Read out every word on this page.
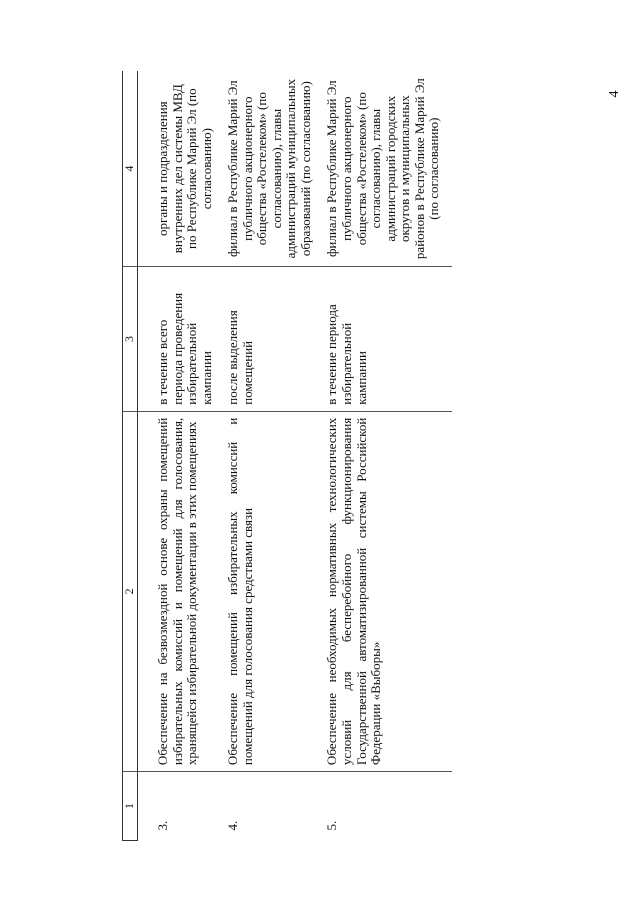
4
1	2	3	4

3.	Обеспечение на безвозмездной основе охраны помещений избирательных комиссий и помещений для голосования, хранящейся избирательной документации в этих помещениях	в течение всего периода проведения избирательной кампании	органы и подразделения внутренних дел системы МВД по Республике Марий Эл (по согласованию)

4.	Обеспечение помещений избирательных комиссий и помещений для голосования средствами связи	после выделения помещений	филиал в Республике Марий Эл публичного акционерного общества «Ростелеком» (по согласованию), главы администраций муниципальных образований (по согласованию)

5.	Обеспечение необходимых нормативных технологических условий для бесперебойного функционирования Государственной автоматизированной системы Российской Федерации «Выборы»	в течение периода избирательной кампании	филиал в Республике Марий Эл публичного акционерного общества «Ростелеком» (по согласованию), главы администраций городских округов и муниципальных районов в Республике Марий Эл (по согласованию)
